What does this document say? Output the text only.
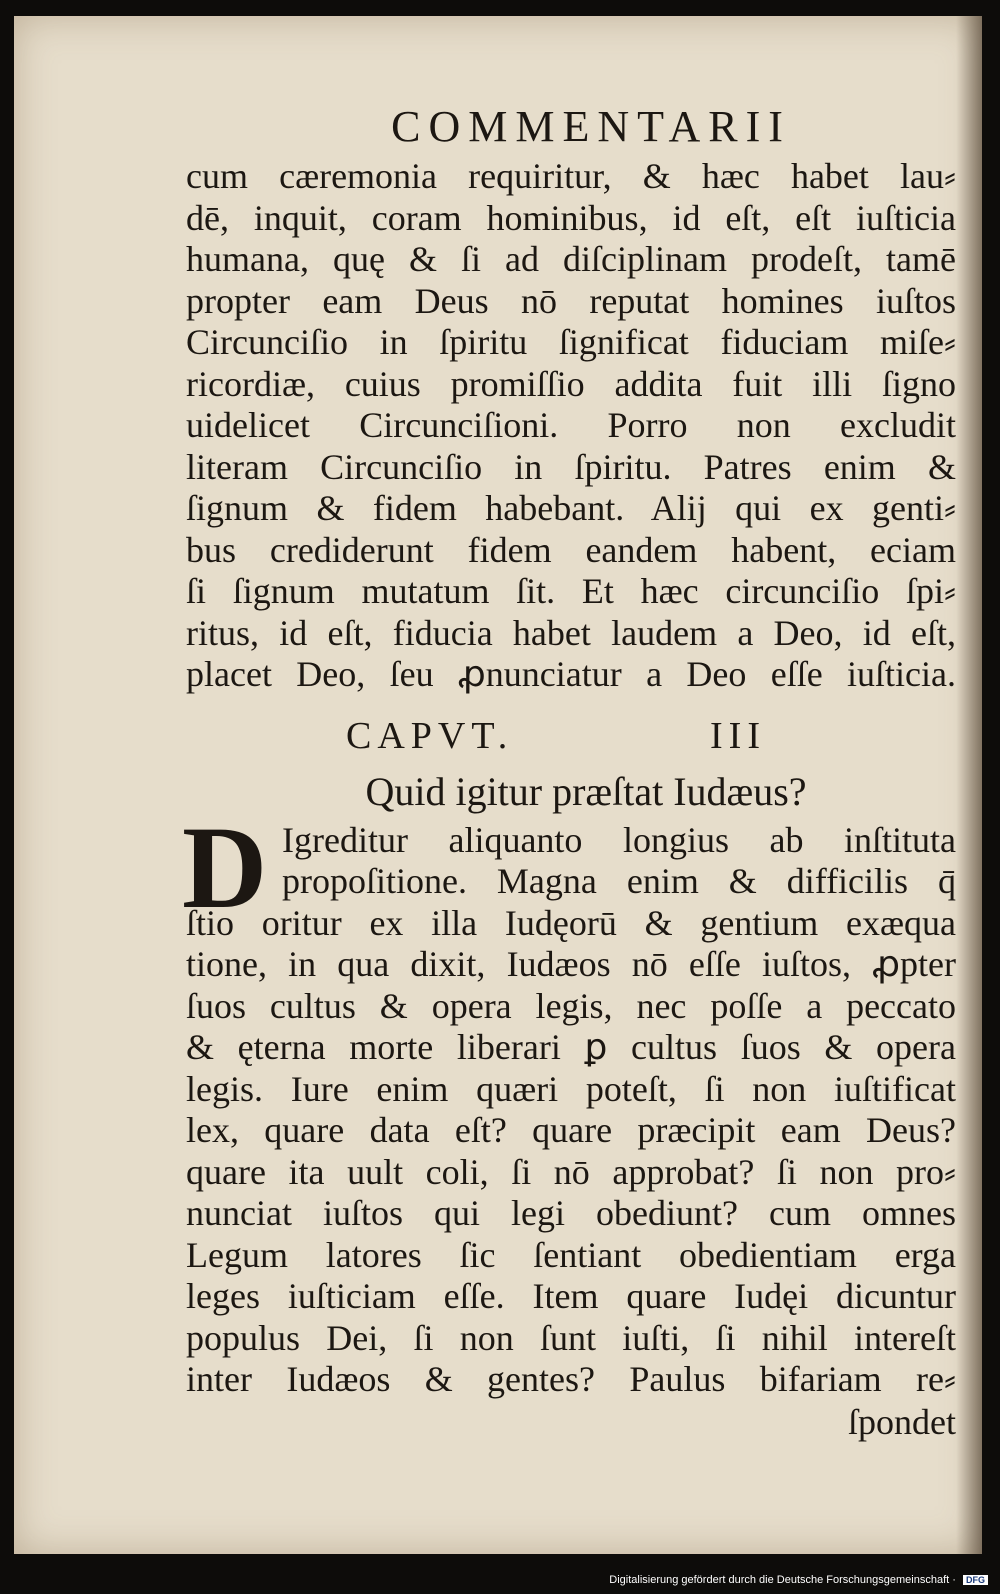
COMMENTARII
cum cæremonia requiritur, & hæc habet lau⸗
dē, inquit, coram hominibus, id eſt, eſt iuſticia
humana, quę & ſi ad diſciplinam prodeſt, tamē
propter eam Deus nō reputat homines iuſtos
Circunciſio in ſpiritu ſignificat fiduciam miſe⸗
ricordiæ, cuius promiſſio addita fuit illi ſigno
uidelicet Circunciſioni. Porro non excludit
literam Circunciſio in ſpiritu. Patres enim &
ſignum & fidem habebant. Alij qui ex genti⸗
bus crediderunt fidem eandem habent, eciam
ſi ſignum mutatum ſit. Et hæc circunciſio ſpi⸗
ritus, id eſt, fiducia habet laudem a Deo, id eſt,
placet Deo, ſeu ꝓnunciatur a Deo eſſe iuſticia.
CAPVT.	III
Quid igitur præſtat Iudæus?
D Igreditur aliquanto longius ab inſtituta
propoſitione. Magna enim & difficilis q̄
ſtio oritur ex illa Iudęorū & gentium exæqua
tione, in qua dixit, Iudæos nō eſſe iuſtos, ꝓpter
ſuos cultus & opera legis, nec poſſe a peccato
& ęterna morte liberari ꝑ cultus ſuos & opera
legis. Iure enim quæri poteſt, ſi non iuſtificat
lex, quare data eſt? quare præcipit eam Deus?
quare ita uult coli, ſi nō approbat? ſi non pro⸗
nunciat iuſtos qui legi obediunt? cum omnes
Legum latores ſic ſentiant obedientiam erga
leges iuſticiam eſſe. Item quare Iudęi dicuntur
populus Dei, ſi non ſunt iuſti, ſi nihil intereſt
inter Iudæos & gentes? Paulus bifariam re⸗
ſpondet
Digitalisierung gefördert durch die Deutsche Forschungsgemeinschaft · DFG
